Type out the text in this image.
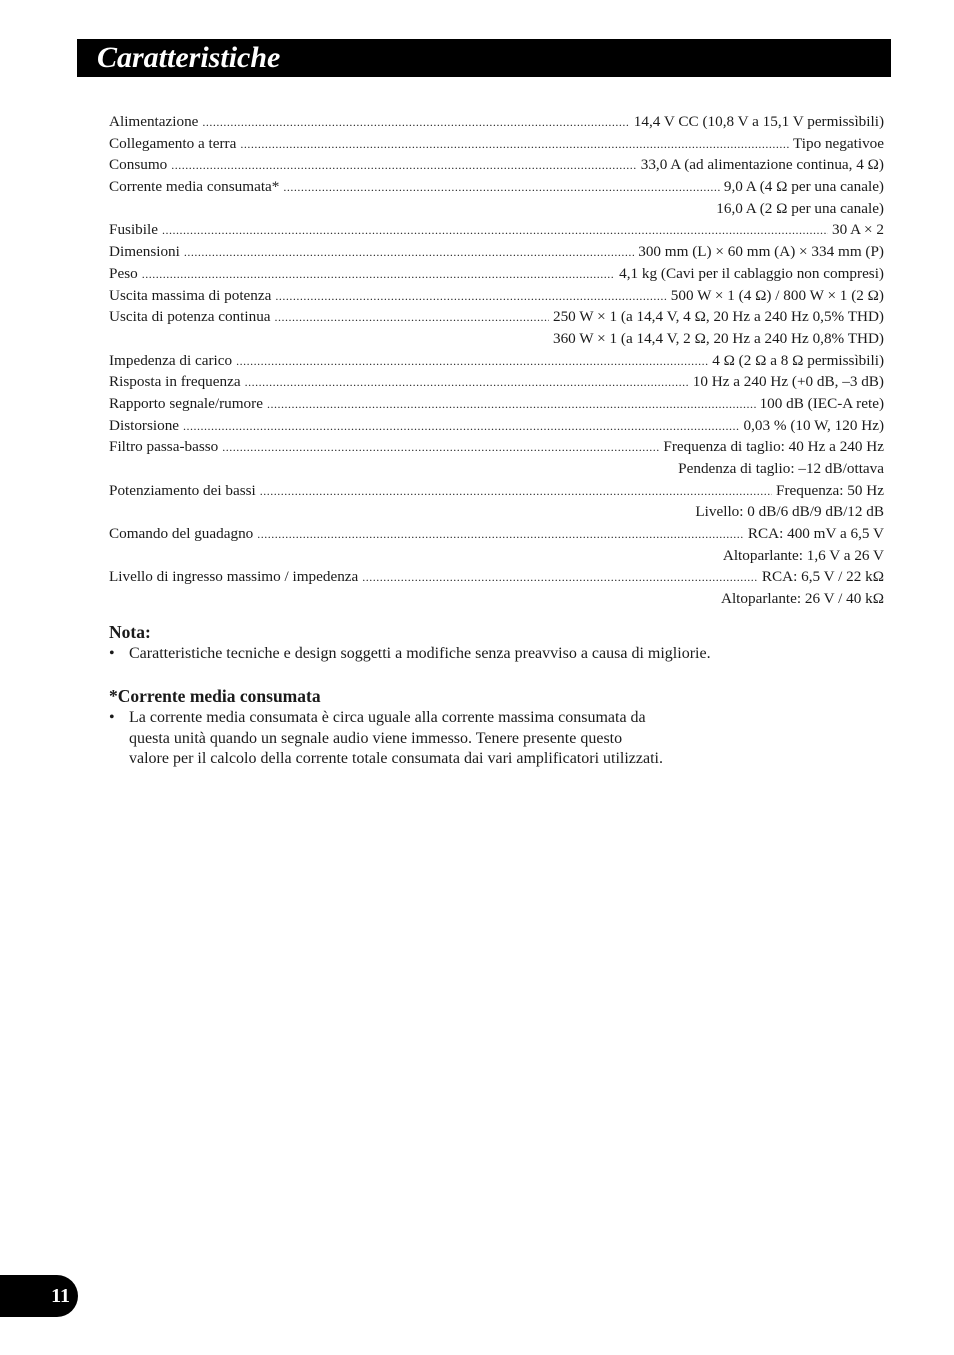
Caratteristiche
Alimentazione .....	14,4 V CC (10,8 V a 15,1 V permissìbili)
Collegamento a terra .....	Tipo negativoe
Consumo .....	33,0 A (ad alimentazione continua, 4 Ω)
Corrente media consumata* .....	9,0 A (4 Ω per una canale)
16,0 A (2 Ω per una canale)
Fusibile .....	30 A × 2
Dimensioni .....	300 mm (L) × 60 mm (A) × 334 mm (P)
Peso .....	4,1 kg (Cavi per il cablaggio non compresi)
Uscita massima di potenza .....	500 W × 1 (4 Ω) / 800 W × 1 (2 Ω)
Uscita di potenza continua .....	250 W × 1 (a 14,4 V, 4 Ω, 20 Hz a 240 Hz 0,5% THD)
360 W × 1 (a 14,4 V, 2 Ω, 20 Hz a 240 Hz 0,8% THD)
Impedenza di carico .....	4 Ω (2 Ω a 8 Ω permissìbili)
Risposta in frequenza .....	10 Hz a 240 Hz (+0 dB, –3 dB)
Rapporto segnale/rumore .....	100 dB (IEC-A rete)
Distorsione .....	0,03 % (10 W, 120 Hz)
Filtro passa-basso .....	Frequenza di taglio: 40 Hz a 240 Hz
Pendenza di taglio: –12 dB/ottava
Potenziamento dei bassi .....	Frequenza: 50 Hz
Livello: 0 dB/6 dB/9 dB/12 dB
Comando del guadagno .....	RCA: 400 mV a 6,5 V
Altoparlante: 1,6 V a 26 V
Livello di ingresso massimo / impedenza .....	RCA: 6,5 V / 22 kΩ
Altoparlante: 26 V / 40 kΩ
Nota:
• Caratteristiche tecniche e design soggetti a modifiche senza preavviso a causa di migliorie.
*Corrente media consumata
• La corrente media consumata è circa uguale alla corrente massima consumata da
questa unità quando un segnale audio viene immesso. Tenere presente questo
valore per il calcolo della corrente totale consumata dai vari amplificatori utilizzati.
11
